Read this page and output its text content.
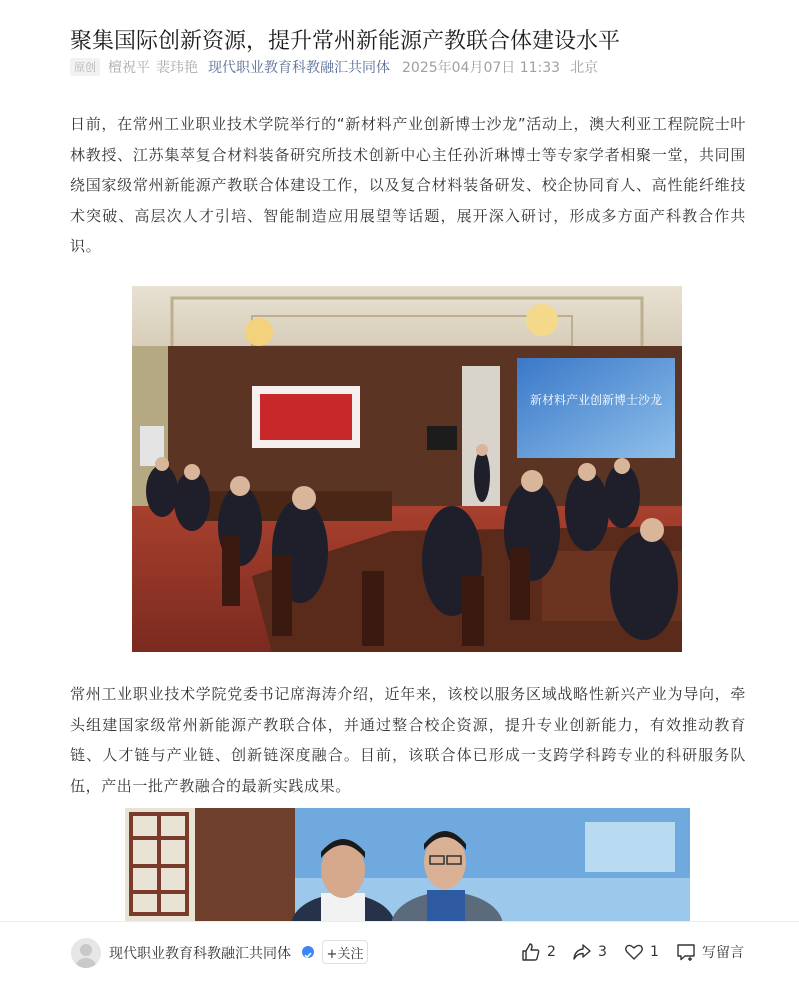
聚集国际创新资源，提升常州新能源产教联合体建设水平
原创 檀祝平 裴玮艳 现代职业教育科教融汇共同体 2025年04月07日 11:33 北京

日前，在常州工业职业技术学院举行的“新材料产业创新博士沙龙”活动上，澳大利亚工程院院士叶林教授、江苏集萃复合材料装备研究所技术创新中心主任孙沂琳博士等专家学者相聚一堂，共同围绕国家级常州新能源产教联合体建设工作，以及复合材料装备研发、校企协同育人、高性能纤维技术突破、高层次人才引培、智能制造应用展望等话题，展开深入研讨，形成多方面产科教合作共识。

新材料产业创新博士沙龙

常州工业职业技术学院党委书记席海涛介绍，近年来，该校以服务区域战略性新兴产业为导向，牵头组建国家级常州新能源产教联合体，并通过整合校企资源，提升专业创新能力，有效推动教育链、人才链与产业链、创新链深度融合。目前，该联合体已形成一支跨学科跨专业的科研服务队伍，产出一批产教融合的最新实践成果。

现代职业教育科教融汇共同体	+关注	2	3	1	写留言
